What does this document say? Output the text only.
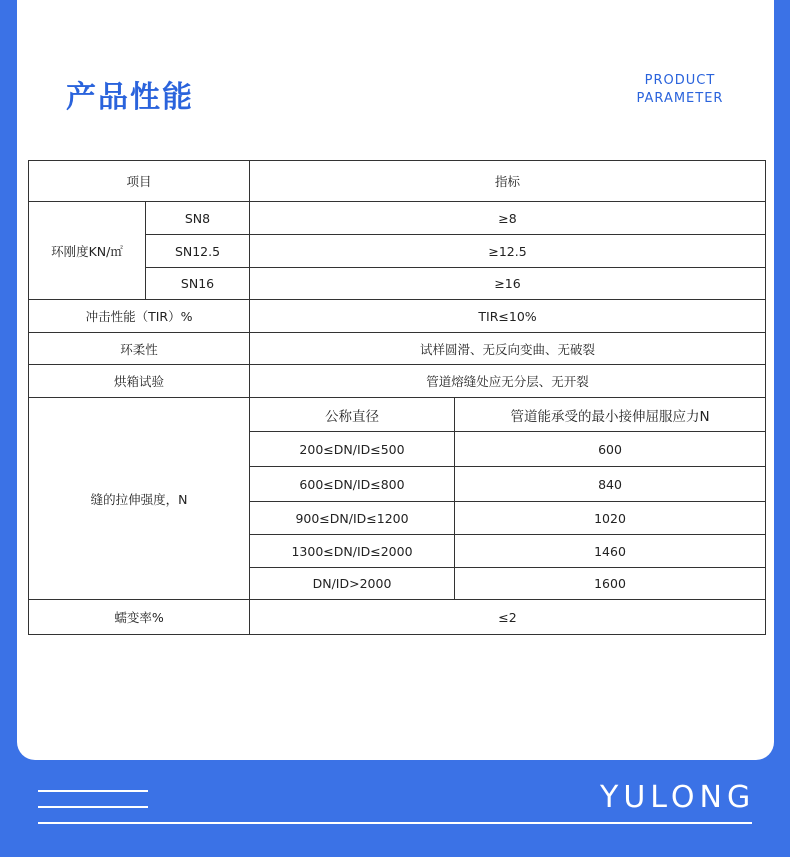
产品性能	PRODUCT
PARAMETER
项目		指标	
环刚度KN/㎡	SN8	≥8	
	SN12.5	≥12.5	
	SN16	≥16	
冲击性能（TIR）%		TIR≤10%	
环柔性		试样圆滑、无反向变曲、无破裂	
烘箱试验		管道熔缝处应无分层、无开裂	
缝的拉伸强度，N		公称直径	管道能承受的最小接伸屈服应力N
		200≤DN/ID≤500	600
		600≤DN/ID≤800	840
		900≤DN/ID≤1200	1020
		1300≤DN/ID≤2000	1460
		DN/ID>2000	1600
蠕变率%		≤2	
YULONG
